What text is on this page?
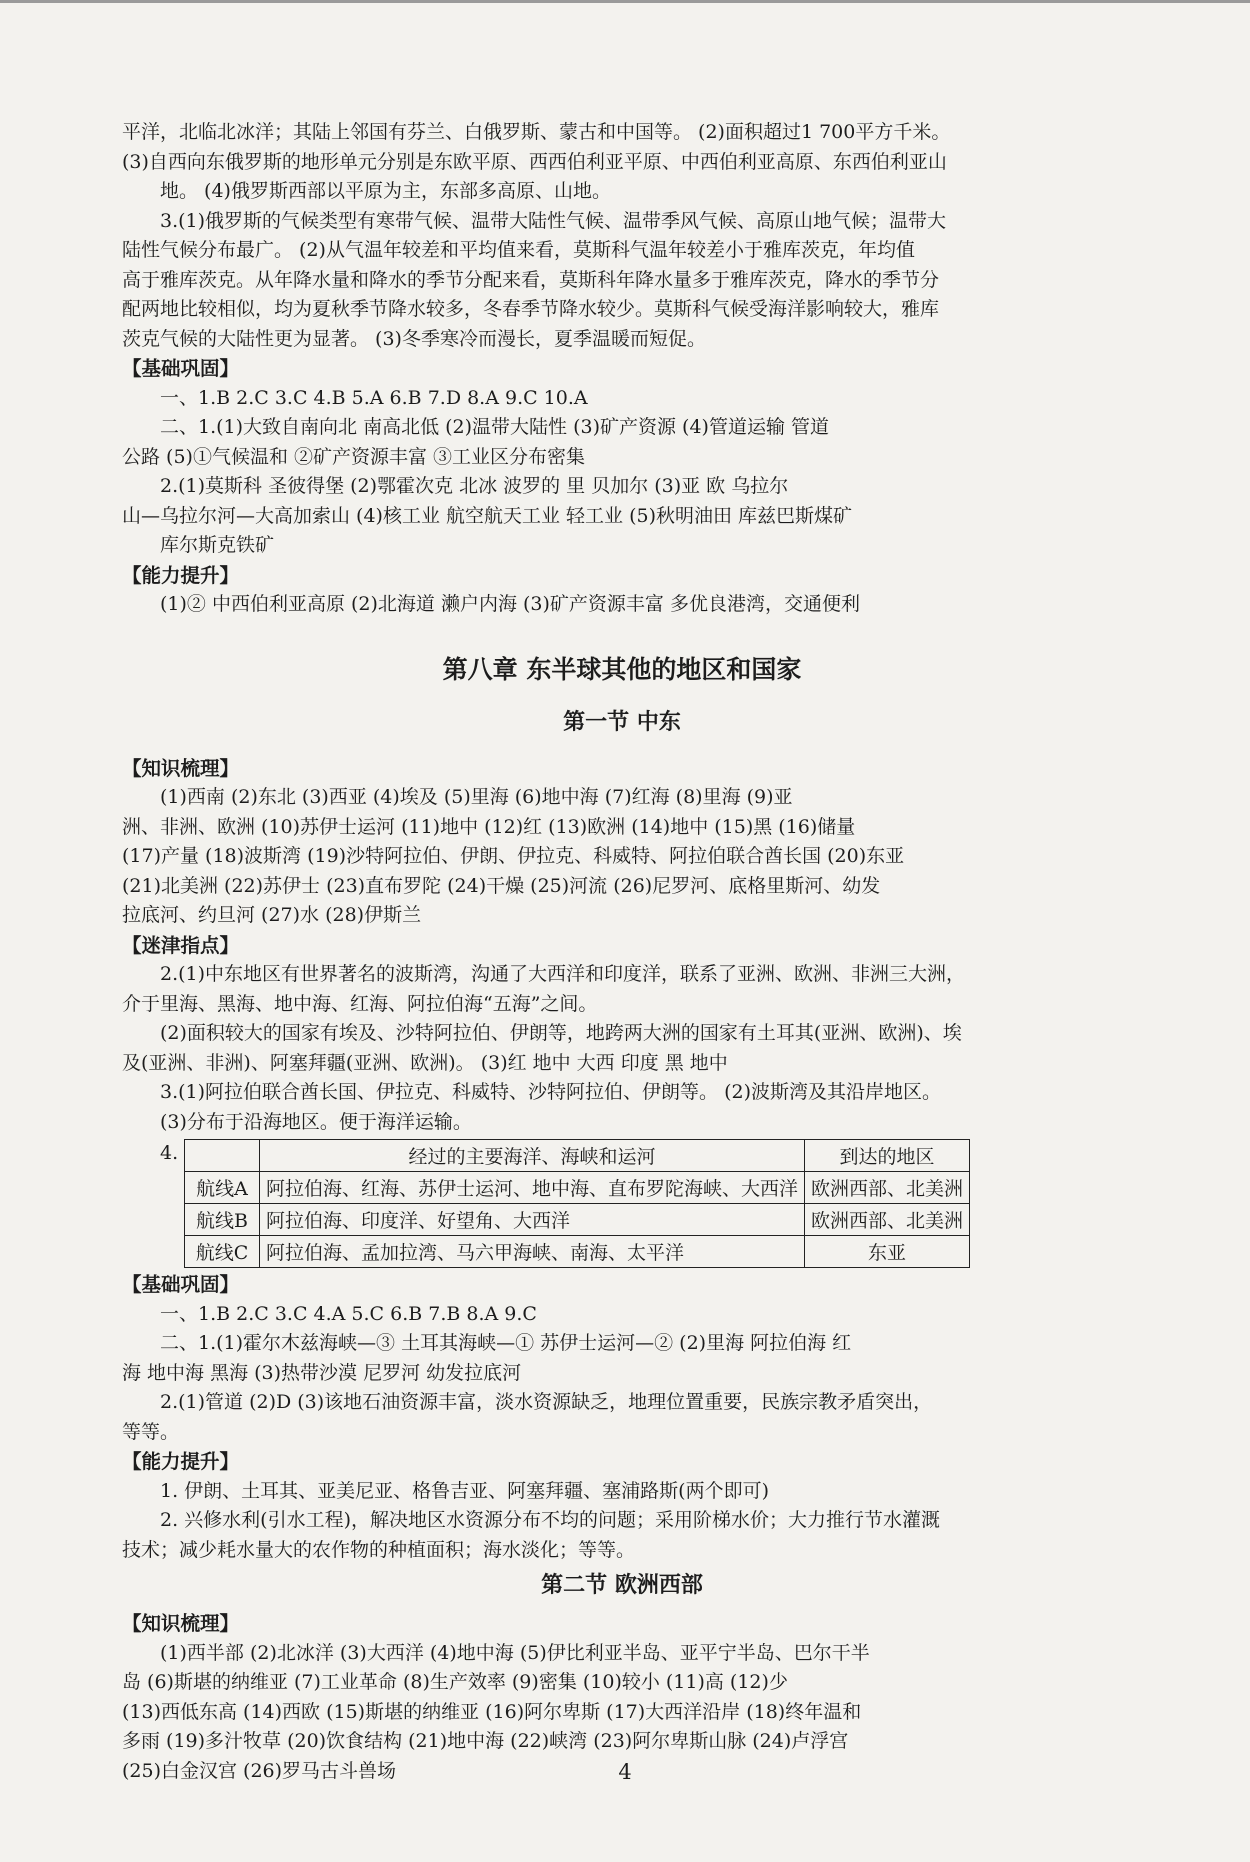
平洋，北临北冰洋；其陆上邻国有芬兰、白俄罗斯、蒙古和中国等。 (2)面积超过1 700平方千米。

(3)自西向东俄罗斯的地形单元分别是东欧平原、西西伯利亚平原、中西伯利亚高原、东西伯利亚山

地。 (4)俄罗斯西部以平原为主，东部多高原、山地。

3.(1)俄罗斯的气候类型有寒带气候、温带大陆性气候、温带季风气候、高原山地气候；温带大

陆性气候分布最广。 (2)从气温年较差和平均值来看，莫斯科气温年较差小于雅库茨克，年均值

高于雅库茨克。从年降水量和降水的季节分配来看，莫斯科年降水量多于雅库茨克，降水的季节分

配两地比较相似，均为夏秋季节降水较多，冬春季节降水较少。莫斯科气候受海洋影响较大，雅库

茨克气候的大陆性更为显著。 (3)冬季寒冷而漫长，夏季温暖而短促。

【基础巩固】

一、1.B 2.C 3.C 4.B 5.A 6.B 7.D 8.A 9.C 10.A

二、1.(1)大致自南向北 南高北低 (2)温带大陆性 (3)矿产资源 (4)管道运输 管道

公路 (5)①气候温和 ②矿产资源丰富 ③工业区分布密集

2.(1)莫斯科 圣彼得堡 (2)鄂霍次克 北冰 波罗的 里 贝加尔 (3)亚 欧 乌拉尔

山—乌拉尔河—大高加索山 (4)核工业 航空航天工业 轻工业 (5)秋明油田 库兹巴斯煤矿

库尔斯克铁矿

【能力提升】

(1)② 中西伯利亚高原 (2)北海道 濑户内海 (3)矿产资源丰富 多优良港湾，交通便利

第八章 东半球其他的地区和国家
第一节 中东
【知识梳理】

(1)西南 (2)东北 (3)西亚 (4)埃及 (5)里海 (6)地中海 (7)红海 (8)里海 (9)亚

洲、非洲、欧洲 (10)苏伊士运河 (11)地中 (12)红 (13)欧洲 (14)地中 (15)黑 (16)储量

(17)产量 (18)波斯湾 (19)沙特阿拉伯、伊朗、伊拉克、科威特、阿拉伯联合酋长国 (20)东亚

(21)北美洲 (22)苏伊士 (23)直布罗陀 (24)干燥 (25)河流 (26)尼罗河、底格里斯河、幼发

拉底河、约旦河 (27)水 (28)伊斯兰

【迷津指点】

2.(1)中东地区有世界著名的波斯湾，沟通了大西洋和印度洋，联系了亚洲、欧洲、非洲三大洲，

介于里海、黑海、地中海、红海、阿拉伯海“五海”之间。

(2)面积较大的国家有埃及、沙特阿拉伯、伊朗等，地跨两大洲的国家有土耳其(亚洲、欧洲)、埃

及(亚洲、非洲)、阿塞拜疆(亚洲、欧洲)。 (3)红 地中 大西 印度 黑 地中

3.(1)阿拉伯联合酋长国、伊拉克、科威特、沙特阿拉伯、伊朗等。 (2)波斯湾及其沿岸地区。

(3)分布于沿海地区。便于海洋运输。

4.
		经过的主要海洋、海峡和运河	到达的地区
航线A	阿拉伯海、红海、苏伊士运河、地中海、直布罗陀海峡、大西洋	欧洲西部、北美洲
航线B	阿拉伯海、印度洋、好望角、大西洋	欧洲西部、北美洲
航线C	阿拉伯海、孟加拉湾、马六甲海峡、南海、太平洋	东亚
【基础巩固】

一、1.B 2.C 3.C 4.A 5.C 6.B 7.B 8.A 9.C

二、1.(1)霍尔木兹海峡—③ 土耳其海峡—① 苏伊士运河—② (2)里海 阿拉伯海 红

海 地中海 黑海 (3)热带沙漠 尼罗河 幼发拉底河

2.(1)管道 (2)D (3)该地石油资源丰富，淡水资源缺乏，地理位置重要，民族宗教矛盾突出，

等等。

【能力提升】

1. 伊朗、土耳其、亚美尼亚、格鲁吉亚、阿塞拜疆、塞浦路斯(两个即可)

2. 兴修水利(引水工程)，解决地区水资源分布不均的问题；采用阶梯水价；大力推行节水灌溉

技术；减少耗水量大的农作物的种植面积；海水淡化；等等。

第二节 欧洲西部
【知识梳理】

(1)西半部 (2)北冰洋 (3)大西洋 (4)地中海 (5)伊比利亚半岛、亚平宁半岛、巴尔干半

岛 (6)斯堪的纳维亚 (7)工业革命 (8)生产效率 (9)密集 (10)较小 (11)高 (12)少

(13)西低东高 (14)西欧 (15)斯堪的纳维亚 (16)阿尔卑斯 (17)大西洋沿岸 (18)终年温和

多雨 (19)多汁牧草 (20)饮食结构 (21)地中海 (22)峡湾 (23)阿尔卑斯山脉 (24)卢浮宫

(25)白金汉宫 (26)罗马古斗兽场	4
